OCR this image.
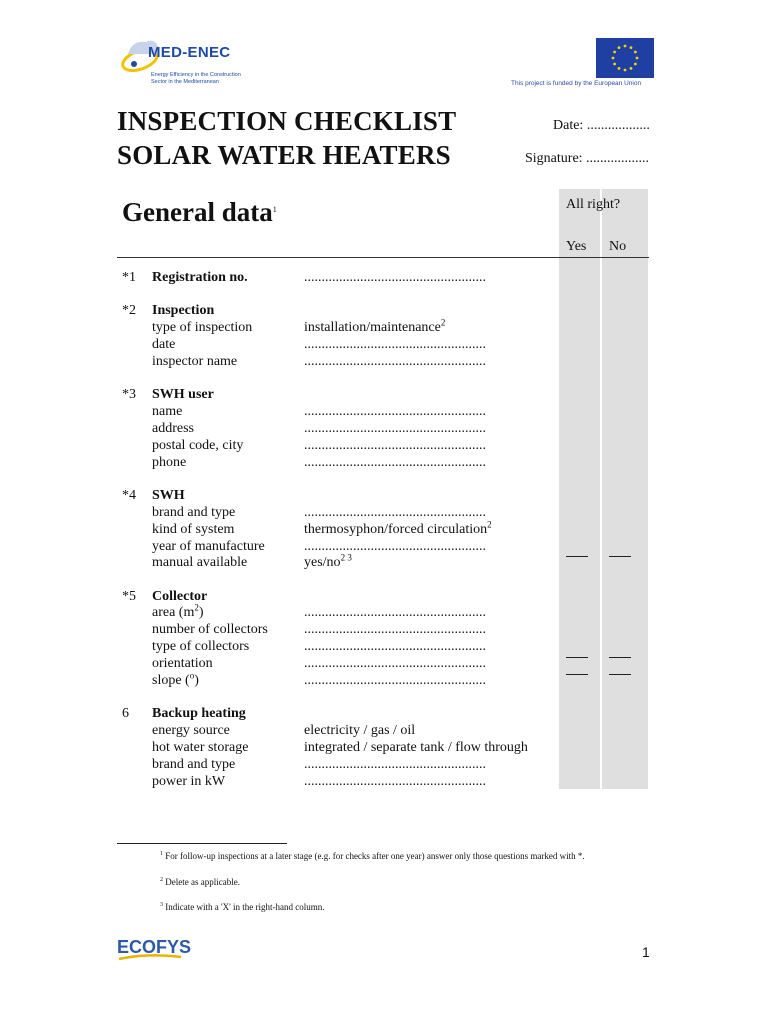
MED-ENEC
Energy Efficiency in the Construction
Sector in the Mediterranean	This project is funded by the European Union
INSPECTION CHECKLIST
SOLAR WATER HEATERS
Date: ..................
Signature: ..................
All right?
Yes No
General data$^1$
*1 Registration no.	....................................................
*2 Inspection
type of inspection	installation/maintenance$^2$
date	....................................................
inspector name	....................................................
*3 SWH user
name	....................................................
address	....................................................
postal code, city	....................................................
phone	....................................................
*4 SWH
brand and type	....................................................
kind of system	thermosyphon/forced circulation$^2$
year of manufacture	....................................................
manual available	yes/$no^{2 3}$
*5 Collector
area $(m^2)$	....................................................
number of collectors	....................................................
type of collectors	....................................................
orientation	....................................................
slope ($^o$)	....................................................
6 Backup heating
energy source	electricity / gas / oil
hot water storage	integrated / separate tank / flow through
brand and type	....................................................
power in kW	....................................................
$^1$ For follow-up inspections at a later stage (e.g. for checks after one year) answer only those questions marked with *.
$^2$ Delete as applicable.
$^3$ Indicate with a 'X' in the right-hand column.
ECOFYS	1
